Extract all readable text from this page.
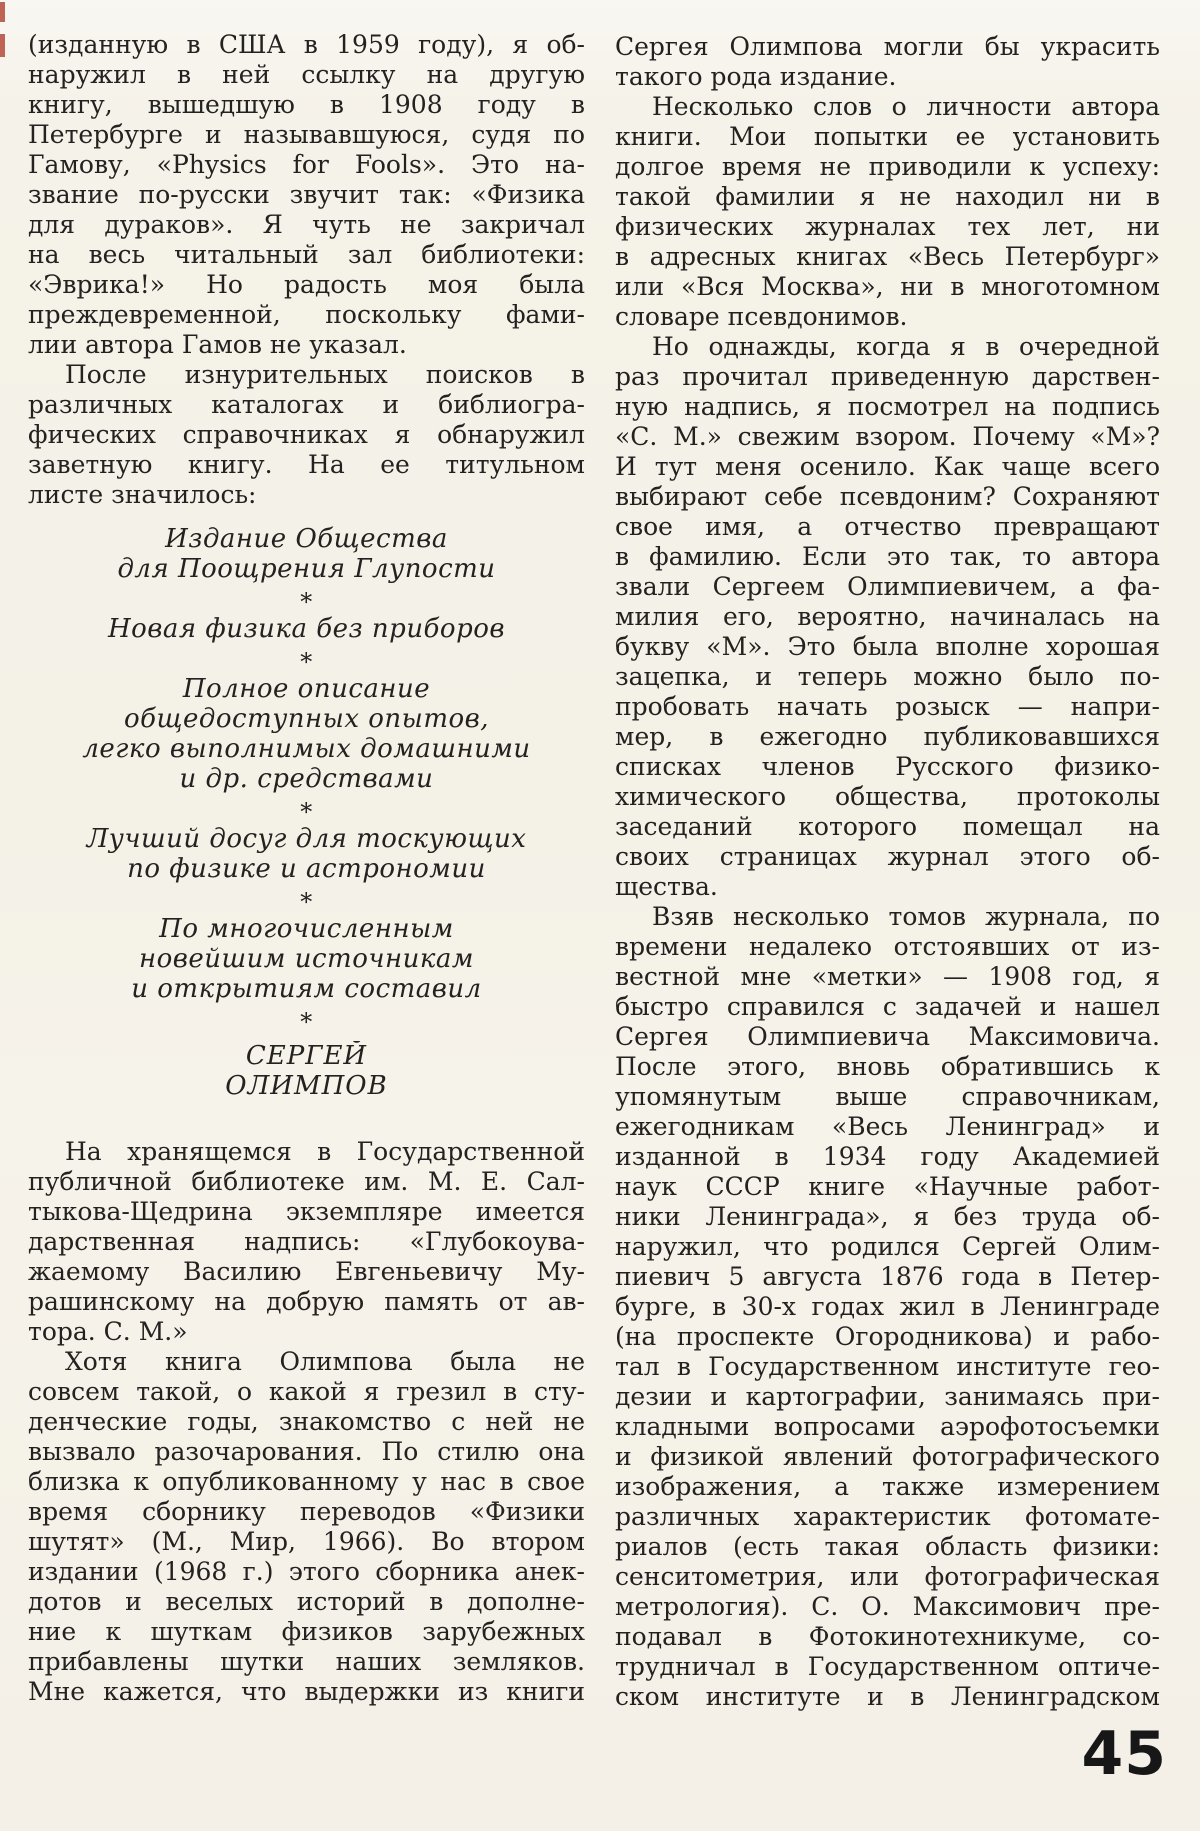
(изданную в США в 1959 году), я об-
наружил в ней ссылку на другую
книгу, вышедшую в 1908 году в
Петербурге и называвшуюся, судя по
Гамову, «Physics for Fools». Это на-
звание по-русски звучит так: «Физика
для дураков». Я чуть не закричал
на весь читальный зал библиотеки:
«Эврика!» Но радость моя была
преждевременной, поскольку фами-
лии автора Гамов не указал.
После изнурительных поисков в
различных каталогах и библиогра-
фических справочниках я обнаружил
заветную книгу. На ее титульном
листе значилось:
Издание Общества
для Поощрения Глупости
*
Новая физика без приборов
*
Полное описание
общедоступных опытов,
легко выполнимых домашними
и др. средствами
*
Лучший досуг для тоскующих
по физике и астрономии
*
По многочисленным
новейшим источникам
и открытиям составил
*
СЕРГЕЙ
ОЛИМПОВ
На хранящемся в Государственной
публичной библиотеке им. М. Е. Сал-
тыкова-Щедрина экземпляре имеется
дарственная надпись: «Глубокоува-
жаемому Василию Евгеньевичу Му-
рашинскому на добрую память от ав-
тора. С. М.»
Хотя книга Олимпова была не
совсем такой, о какой я грезил в сту-
денческие годы, знакомство с ней не
вызвало разочарования. По стилю она
близка к опубликованному у нас в свое
время сборнику переводов «Физики
шутят» (М., Мир, 1966). Во втором
издании (1968 г.) этого сборника анек-
дотов и веселых историй в дополне-
ние к шуткам физиков зарубежных
прибавлены шутки наших земляков.
Мне кажется, что выдержки из книги
Сергея Олимпова могли бы украсить
такого рода издание.
Несколько слов о личности автора
книги. Мои попытки ее установить
долгое время не приводили к успеху:
такой фамилии я не находил ни в
физических журналах тех лет, ни
в адресных книгах «Весь Петербург»
или «Вся Москва», ни в многотомном
словаре псевдонимов.
Но однажды, когда я в очередной
раз прочитал приведенную дарствен-
ную надпись, я посмотрел на подпись
«С. М.» свежим взором. Почему «М»?
И тут меня осенило. Как чаще всего
выбирают себе псевдоним? Сохраняют
свое имя, а отчество превращают
в фамилию. Если это так, то автора
звали Сергеем Олимпиевичем, а фа-
милия его, вероятно, начиналась на
букву «М». Это была вполне хорошая
зацепка, и теперь можно было по-
пробовать начать розыск — напри-
мер, в ежегодно публиковавшихся
списках членов Русского физико-
химического общества, протоколы
заседаний которого помещал на
своих страницах журнал этого об-
щества.
Взяв несколько томов журнала, по
времени недалеко отстоявших от из-
вестной мне «метки» — 1908 год, я
быстро справился с задачей и нашел
Сергея Олимпиевича Максимовича.
После этого, вновь обратившись к
упомянутым выше справочникам,
ежегодникам «Весь Ленинград» и
изданной в 1934 году Академией
наук СССР книге «Научные работ-
ники Ленинграда», я без труда об-
наружил, что родился Сергей Олим-
пиевич 5 августа 1876 года в Петер-
бурге, в 30-х годах жил в Ленинграде
(на проспекте Огородникова) и рабо-
тал в Государственном институте гео-
дезии и картографии, занимаясь при-
кладными вопросами аэрофотосъемки
и физикой явлений фотографического
изображения, а также измерением
различных характеристик фотомате-
риалов (есть такая область физики:
сенситометрия, или фотографическая
метрология). С. О. Максимович пре-
подавал в Фотокинотехникуме, со-
трудничал в Государственном оптиче-
ском институте и в Ленинградском
45
